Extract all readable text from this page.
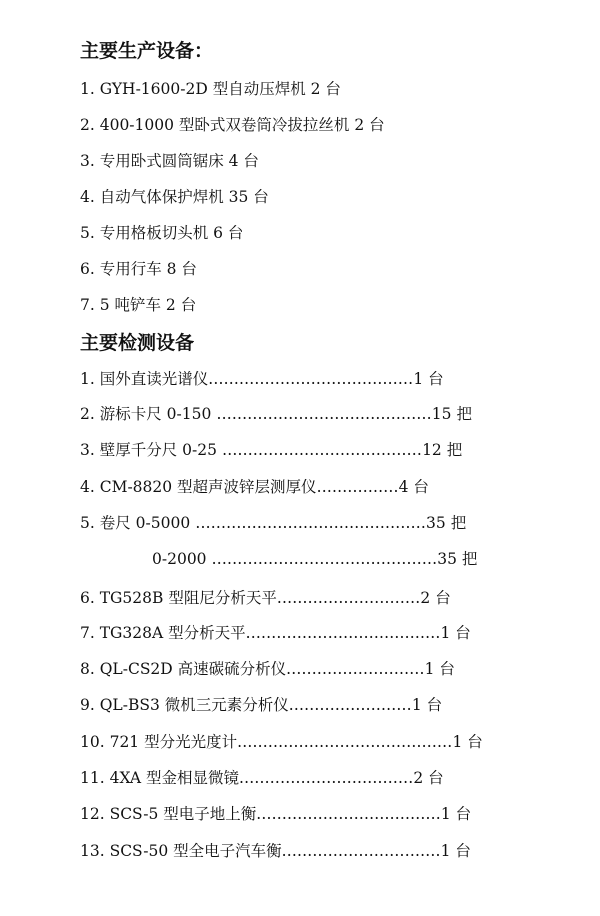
主要生产设备：
1. GYH-1600-2D 型自动压焊机 2 台
2. 400-1000 型卧式双卷筒冷拔拉丝机 2 台
3. 专用卧式圆筒锯床 4 台
4. 自动气体保护焊机 35 台
5. 专用格板切头机 6 台
6. 专用行车 8 台
7. 5 吨铲车 2 台
主要检测设备
1. 国外直读光谱仪........................................1 台
2. 游标卡尺 0-150 ..........................................15 把
3. 壁厚千分尺 0-25 .......................................12 把
4. CM-8820 型超声波锌层测厚仪................4 台
5. 卷尺 0-5000 .............................................35 把
0-2000 ............................................35 把
6. TG528B 型阻尼分析天平............................2 台
7. TG328A 型分析天平......................................1 台
8. QL-CS2D 高速碳硫分析仪...........................1 台
9. QL-BS3 微机三元素分析仪........................1 台
10. 721 型分光光度计..........................................1 台
11. 4XA 型金相显微镜..................................2 台
12. SCS-5 型电子地上衡....................................1 台
13. SCS-50 型全电子汽车衡...............................1 台
